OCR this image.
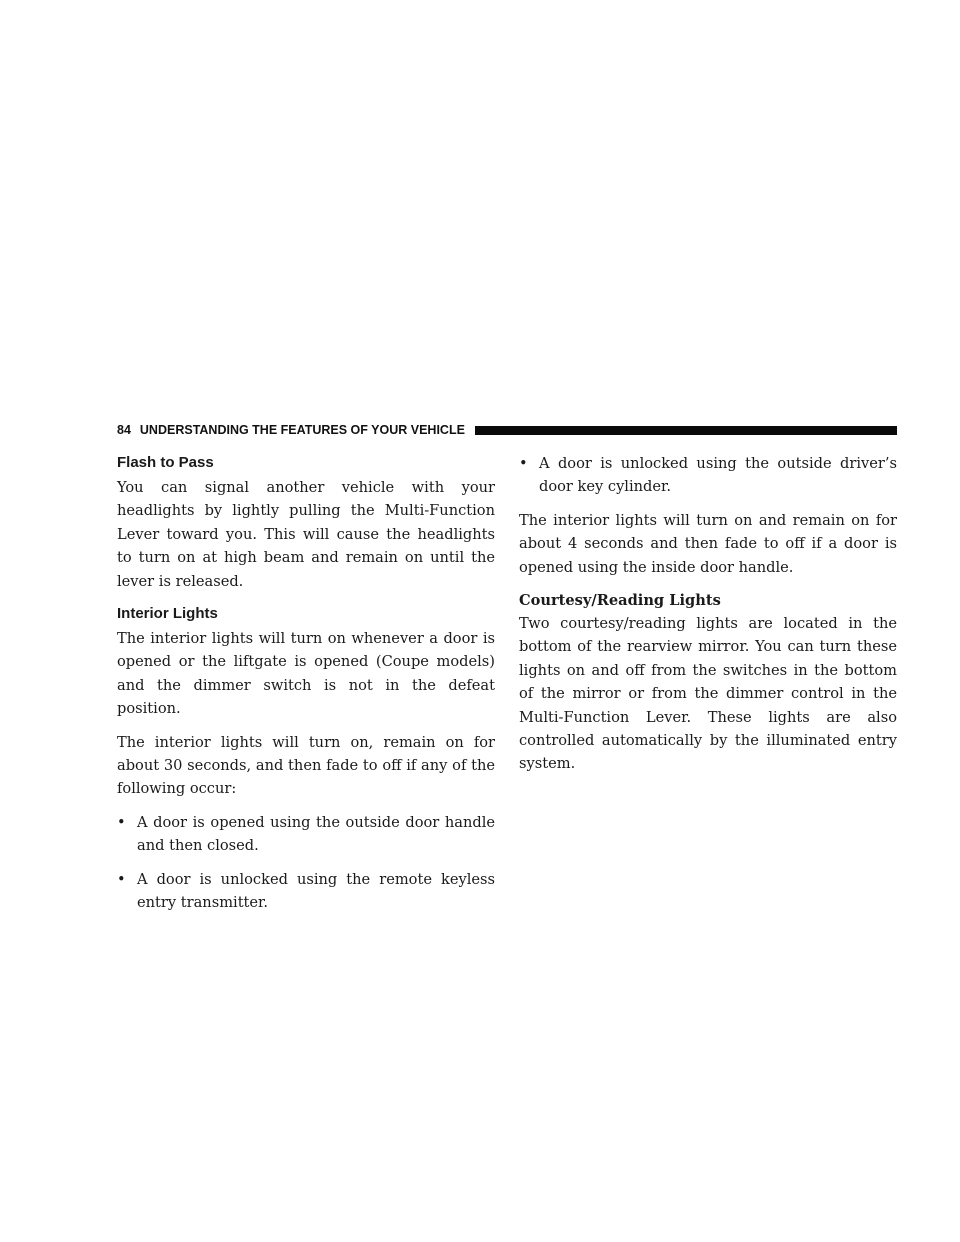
84 UNDERSTANDING THE FEATURES OF YOUR VEHICLE
Flash to Pass

You can signal another vehicle with your headlights by lightly pulling the Multi-Function Lever toward you. This will cause the headlights to turn on at high beam and remain on until the lever is released.

Interior Lights

The interior lights will turn on whenever a door is opened or the liftgate is opened (Coupe models) and the dimmer switch is not in the defeat position.

The interior lights will turn on, remain on for about 30 seconds, and then fade to off if any of the following occur:

• A door is opened using the outside door handle and then closed.
• A door is unlocked using the remote keyless entry transmitter.
• A door is unlocked using the outside driver’s door key cylinder.

The interior lights will turn on and remain on for about 4 seconds and then fade to off if a door is opened using the inside door handle.

Courtesy/Reading Lights

Two courtesy/reading lights are located in the bottom of the rearview mirror. You can turn these lights on and off from the switches in the bottom of the mirror or from the dimmer control in the Multi-Function Lever. These lights are also controlled automatically by the illuminated entry system.
